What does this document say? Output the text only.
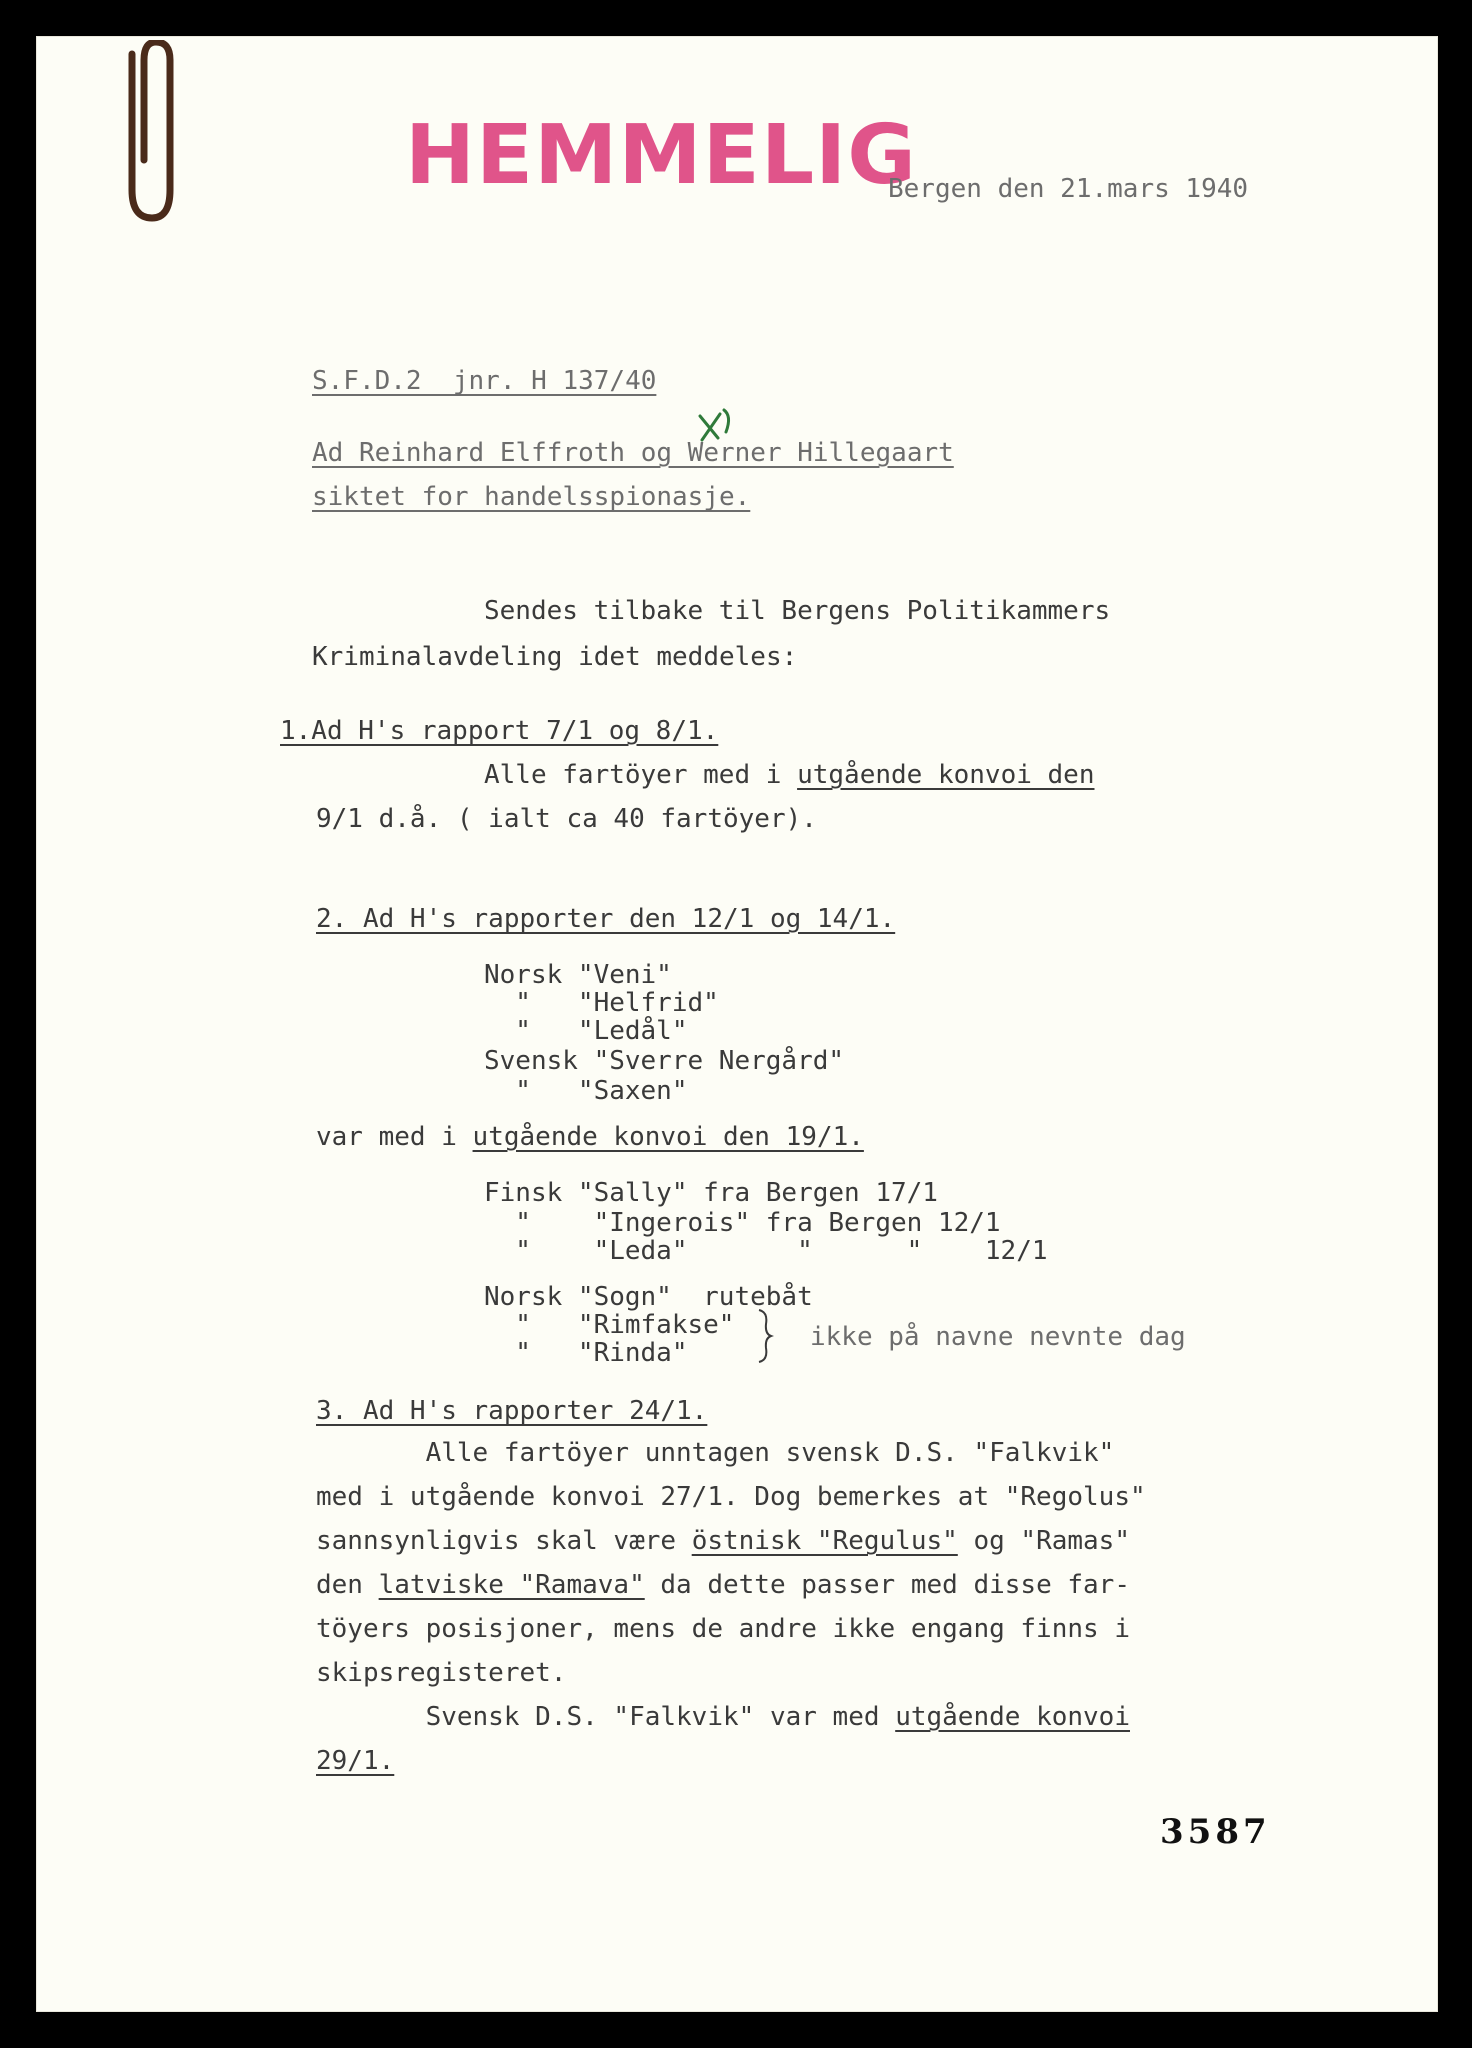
HEMMELIG
Bergen den 21.mars 1940
S.F.D.2  jnr. H 137/40
Ad Reinhard Elffroth og Werner Hillegaart
siktet for handelsspionasje.
Sendes tilbake til Bergens Politikammers
Kriminalavdeling idet meddeles:
1.Ad H's rapport 7/1 og 8/1.
Alle fartöyer med i utgående konvoi den
9/1 d.å. ( ialt ca 40 fartöyer).
2. Ad H's rapporter den 12/1 og 14/1.
Norsk "Veni"
"   "Helfrid"
"   "Ledål"
Svensk "Sverre Nergård"
"   "Saxen"
var med i utgående konvoi den 19/1.
Finsk "Sally" fra Bergen 17/1
"    "Ingerois" fra Bergen 12/1
"    "Leda"       "      "    12/1
Norsk "Sogn"  rutebåt
"   "Rimfakse"
"   "Rinda"
ikke på navne nevnte dag
3. Ad H's rapporter 24/1.
Alle fartöyer unntagen svensk D.S. "Falkvik"
med i utgående konvoi 27/1. Dog bemerkes at "Regolus"
sannsynligvis skal være östnisk "Regulus" og "Ramas"
den latviske "Ramava" da dette passer med disse far-
töyers posisjoner, mens de andre ikke engang finns i
skipsregisteret.
Svensk D.S. "Falkvik" var med utgående konvoi
29/1.
3587
